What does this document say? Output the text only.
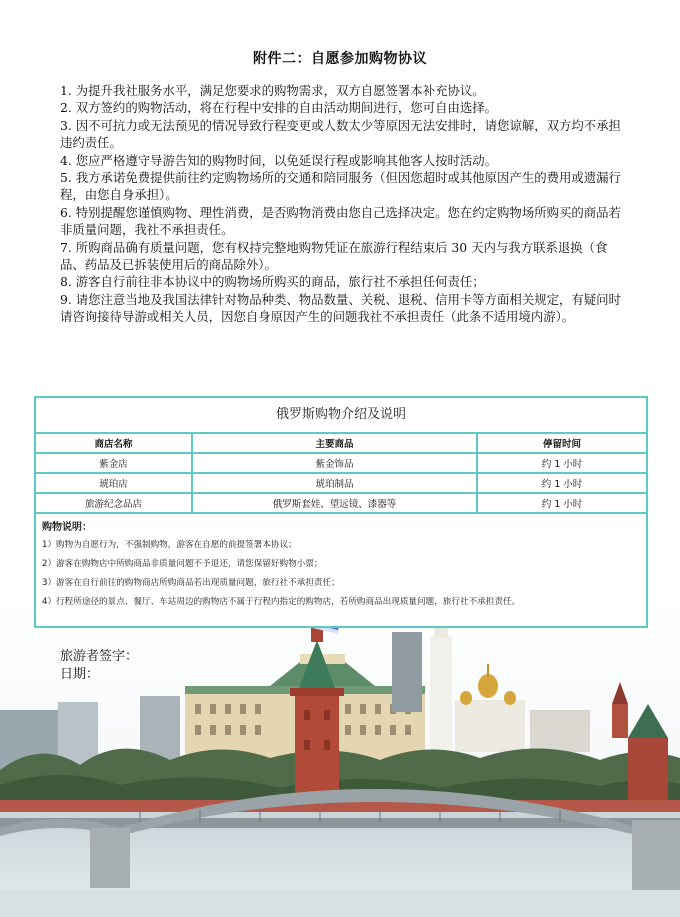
附件二：自愿参加购物协议

1. 为提升我社服务水平，满足您要求的购物需求，双方自愿签署本补充协议。

2. 双方签约的购物活动，将在行程中安排的自由活动期间进行，您可自由选择。

3. 因不可抗力或无法预见的情况导致行程变更或人数太少等原因无法安排时，请您谅解，双方均不承担违约责任。

4. 您应严格遵守导游告知的购物时间，以免延误行程或影响其他客人按时活动。

5. 我方承诺免费提供前往约定购物场所的交通和陪同服务（但因您超时或其他原因产生的费用或遗漏行程，由您自身承担）。

6. 特别提醒您谨慎购物、理性消费，是否购物消费由您自己选择决定。您在约定购物场所购买的商品若非质量问题，我社不承担责任。

7. 所购商品确有质量问题，您有权持完整地购物凭证在旅游行程结束后 30 天内与我方联系退换（食品、药品及已拆装使用后的商品除外）。

8. 游客自行前往非本协议中的购物场所购买的商品，旅行社不承担任何责任；

9. 请您注意当地及我国法律针对物品种类、物品数量、关税、退税、信用卡等方面相关规定，有疑问时请咨询接待导游或相关人员，因您自身原因产生的问题我社不承担责任（此条不适用境内游）。

俄罗斯购物介绍及说明
商店名称	主要商品	停留时间
紫金店	紫金饰品	约 1 小时
琥珀店	琥珀制品	约 1 小时
旅游纪念品店	俄罗斯套娃、望远镜、漆器等	约 1 小时
购物说明：
1）购物为自愿行为，不强制购物，游客在自愿的前提签署本协议；
2）游客在购物店中所购商品非质量问题不予退还，请您保留好购物小票；
3）游客在自行前往的购物商店所购商品若出现质量问题，旅行社不承担责任；
4）行程所途径的景点、餐厅、车站周边的购物店不属于行程内指定的购物店，若所购商品出现质量问题，旅行社不承担责任。
旅游者签字：
日期：
